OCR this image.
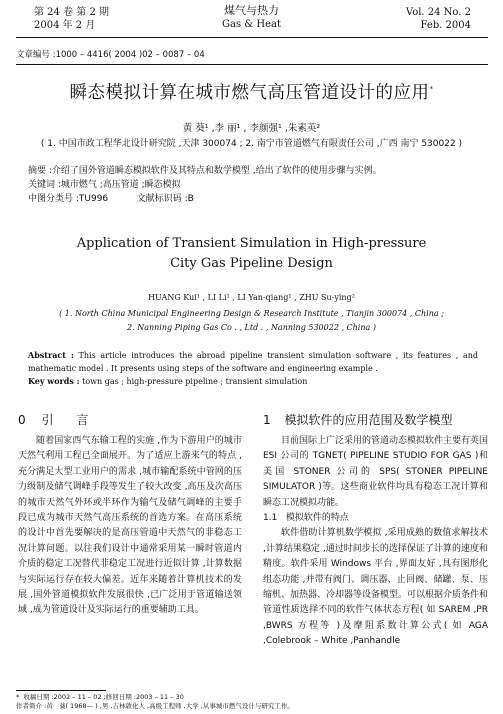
第 24 卷 第 2 期
2004 年 2 月
煤气与热力
Gas & Heat
Vol. 24 No. 2
Feb. 2004
文章编号 :1000 – 4416( 2004 )02 – 0087 – 04
瞬态模拟计算在城市燃气高压管道设计的应用*
黄 葵¹ ,李 丽¹ , 李颜强¹ ,朱素英²
( 1. 中国市政工程华北设计研究院 ,天津 300074 ; 2. 南宁市管道燃气有限责任公司 ,广西 南宁 530022 )
摘要 :介绍了国外管道瞬态模拟软件及其特点和数学模型 ,给出了软件的使用步骤与实例。
关键词 :城市燃气 ;高压管道 ;瞬态模拟
中图分类号 :TU996          文献标识码 :B
Application of Transient Simulation in High-pressure
City Gas Pipeline Design
HUANG Kui¹ , LI Li¹ , LI Yan-qiang¹ , ZHU Su-ying²
( 1. North China Municipal Engineering Design & Research Institute , Tianjin 300074 , China ;
2. Nanning Piping Gas Co . , Ltd . , Nanning 530022 , China )
Abstract : This article introduces the abroad pipeline transient simulation software , its features , and mathematic model . It presents using steps of the software and engineering example .
Key words : town gas ; high-pressure pipeline ; transient simulation
0 引      言

随着国家西气东输工程的实施 ,作为下游用户的城市天然气利用工程已全面展开。为了适应上游来气的特点 ,充分满足大型工业用户的需求 ,城市输配系统中管网的压力级制及储气调峰手段等发生了较大改变 ,高压及次高压的城市天然气外环或半环作为输气及储气调峰的主要手段已成为城市天然气高压系统的首选方案。在高压系统的设计中首先要解决的是高压管道中天然气的非稳态工况计算问题。以往我们设计中通常采用某一瞬时管道内介质的稳定工况替代非稳定工况进行近似计算 ,计算数据与实际运行存在较大偏差。近年来随着计算机技术的发展 ,国外管道模拟软件发展很快 ,已广泛用于管道输送领域 ,成为管道设计及实际运行的重要辅助工具。

1 模拟软件的应用范围及数学模型

目前国际上广泛采用的管道动态模拟软件主要有英国 ESI 公司的 TGNET( PIPELINE STUDIO FOR GAS )和美国 STONER 公司的 SPS( STONER PIPELINE SIMULATOR )等。这些商业软件均具有稳态工况计算和瞬态工况模拟功能。

1.1   模拟软件的特点

软件借助计算机数学模拟 ,采用成熟的数值求解技术 ,计算结果稳定 ,通过时间步长的选择保证了计算的速度和精度。软件采用 Windows 平台 ,界面友好 ,具有图形化组态功能 ,并带有阀门、调压器、止回阀、储罐、泵、压缩机、加热器、冷却器等设备模型。可以根据介质条件和管道性质选择不同的软件气体状态方程( 如 SAREM ,PR ,BWRS 方程等 )及摩阻系数计算公式( 如 AGA ,Colebrook – White ,Panhandle

*  收稿日期 :2002 – 11 – 02 ;修回日期 :2003 – 11 – 30
作者简介 :黄   葵( 1968— ) ,男 ,吉林敦化人 ,高级工程师 ,大学 ,从事城市燃气设计与研究工作。
